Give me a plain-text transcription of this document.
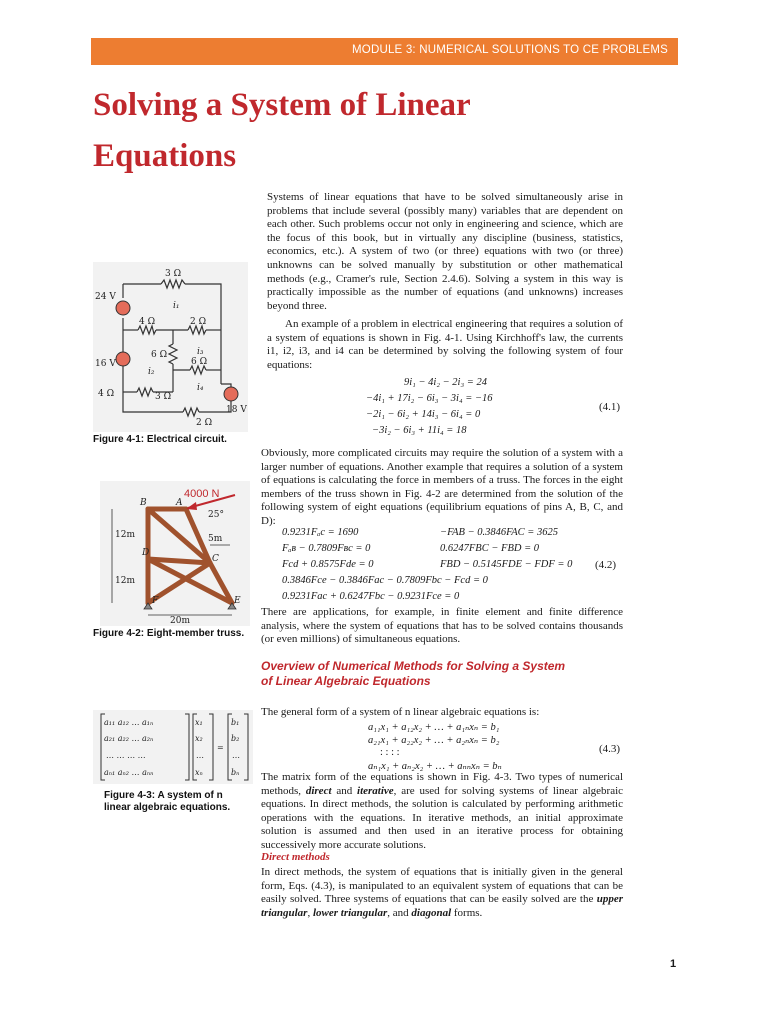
MODULE 3: NUMERICAL SOLUTIONS TO CE PROBLEMS
Solving a System of Linear
Equations

Systems of linear equations that have to be solved simultaneously arise in problems that include several (possibly many) variables that are dependent on each other. Such problems occur not only in engineering and science, which are the focus of this book, but in virtually any discipline (business, statistics, economics, etc.). A system of two (or three) equations with two (or three) unknowns can be solved manually by substitution or other mathematical methods (e.g., Cramer's rule, Section 2.4.6). Solving a system in this way is practically impossible as the number of equations (and unknowns) increases beyond three.

An example of a problem in electrical engineering that requires a solution of a system of equations is shown in Fig. 4-1. Using Kirchhoff's law, the currents i1, i2, i3, and i4 can be determined by solving the following system of four equations:

9i₁ − 4i₂ − 2i₃ = 24
−4i₁ + 17i₂ − 6i₃ − 3i₄ = −16
−2i₁ − 6i₂ + 14i₃ − 6i₄ = 0
−3i₂ − 6i₃ + 11i₄ = 18
(4.1)
3 Ω
4 Ω	2 Ω
6 Ω
6 Ω
4 Ω	3 Ω
2 Ω
24 V
16 V
18 V
i₁
i₂
i₃
i₄

Figure 4-1: Electrical circuit.

Obviously, more complicated circuits may require the solution of a system with a larger number of equations. Another example that requires a solution of a system of equations is calculating the force in members of a truss. The forces in the eight members of the truss shown in Fig. 4-2 are determined from the solution of the following system of eight equations (equilibrium equations of pins A, B, C, and D):

0.9231Fₐc = 1690
Fₐʙ − 0.7809Fʙc = 0
Fcd + 0.8575Fde = 0
0.3846Fce − 0.3846Fac − 0.7809Fbc − Fcd = 0
0.9231Fac + 0.6247Fbc − 0.9231Fce = 0
−FAB − 0.3846FAC = 3625
0.6247FBC − FBD = 0
FBD − 0.5145FDE − FDF = 0 (4.2)
4000 N
25°
A
B
C
D
E
F
12m
12m
5m
20m

Figure 4-2: Eight-member truss.

There are applications, for example, in finite element and finite difference analysis, where the system of equations that has to be solved contains thousands (or even millions) of simultaneous equations.

Overview of Numerical Methods for Solving a System
of Linear Algebraic Equations

The general form of a system of n linear algebraic equations is:

a₁₁x₁ + a₁₂x₂ + … + a₁ₙxₙ = b₁
a₂₁x₁ + a₂₂x₂ + … + a₂ₙxₙ = b₂
: : : :
aₙ₁x₁ + aₙ₂x₂ + … + aₙₙxₙ = bₙ
(4.3)
a₁₁ a₁₂ … a₁ₙ
a₂₁ a₂₂ … a₂ₙ
… … … …
aₙ₁ aₙ₂ … aₙₙ
x₁
x₂
…
xₙ
=
b₁
b₂
…
bₙ

Figure 4-3: A system of n
linear algebraic equations.

The matrix form of the equations is shown in Fig. 4-3. Two types of numerical methods, direct and iterative, are used for solving systems of linear algebraic equations. In direct methods, the solution is calculated by performing arithmetic operations with the equations. In iterative methods, an initial approximate solution is assumed and then used in an iterative process for obtaining successively more accurate solutions.

Direct methods

In direct methods, the system of equations that is initially given in the general form, Eqs. (4.3), is manipulated to an equivalent system of equations that can be easily solved. Three systems of equations that can be easily solved are the upper triangular, lower triangular, and diagonal forms.

1
